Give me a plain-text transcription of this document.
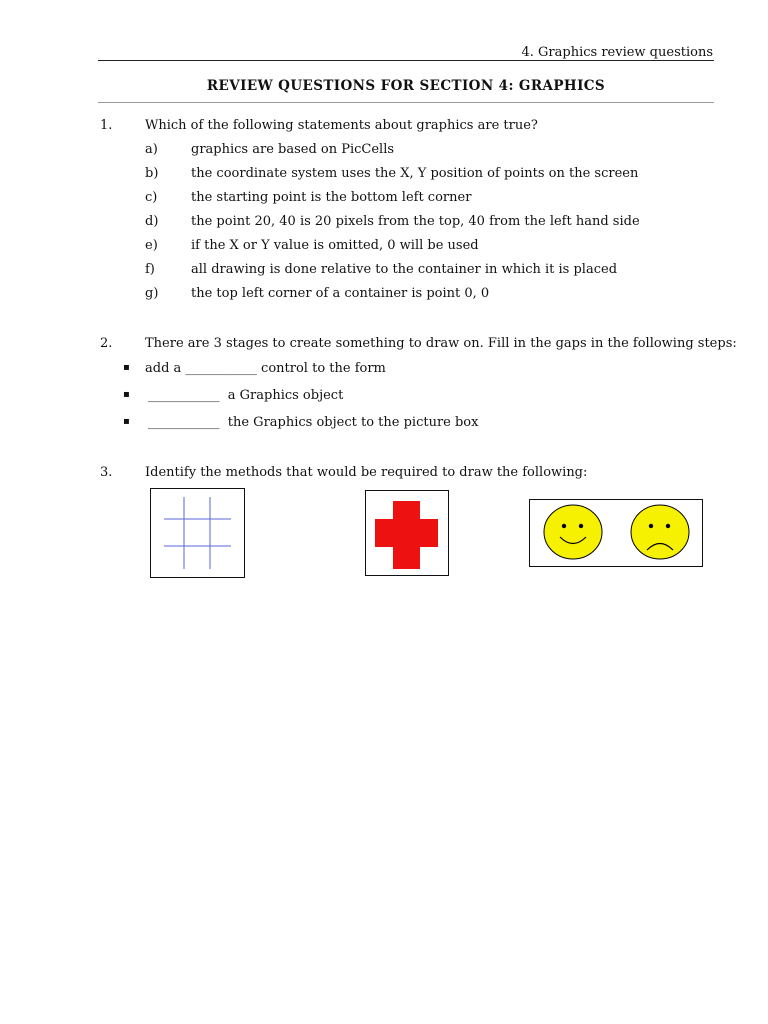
4. Graphics review questions
REVIEW QUESTIONS FOR SECTION 4: GRAPHICS
1.	Which of the following statements about graphics are true?
a)	graphics are based on PicCells
b)	the coordinate system uses the X, Y position of points on the screen
c)	the starting point is the bottom left corner
d)	the point 20, 40 is 20 pixels from the top, 40 from the left hand side
e)	if the X or Y value is omitted, 0 will be used
f)	all drawing is done relative to the container in which it is placed
g)	the top left corner of a container is point 0, 0
2.	There are 3 stages to create something to draw on. Fill in the gaps in the following steps:
▪ add a ___________ control to the form
▪ ___________  a Graphics object
▪ ___________  the Graphics object to the picture box
3.	Identify the methods that would be required to draw the following:
